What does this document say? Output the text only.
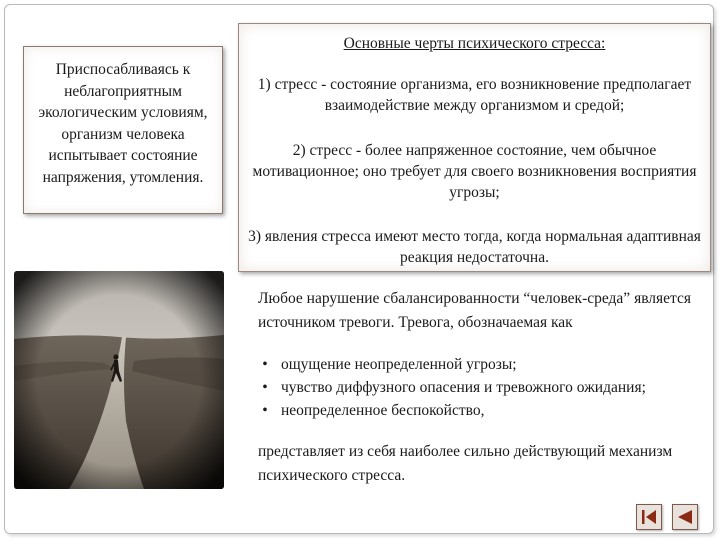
Приспосабливаясь к неблагоприятным экологическим условиям, организм человека испытывает состояние напряжения, утомления.
Основные черты психического стресса:
1) стресс - состояние организма, его возникновение предполагает взаимодействие между организмом и средой;
2) стресс - более напряженное состояние, чем обычное мотивационное; оно требует для своего возникновения восприятия угрозы;
3) явления стресса имеют место тогда, когда нормальная адаптивная реакция недостаточна.

Любое нарушение сбалансированности “человек-среда” является источником тревоги. Тревога, обозначаемая как

• ощущение неопределенной угрозы;
• чувство диффузного опасения и тревожного ожидания;
• неопределенное беспокойство,

представляет из себя наиболее сильно действующий механизм психического стресса.
